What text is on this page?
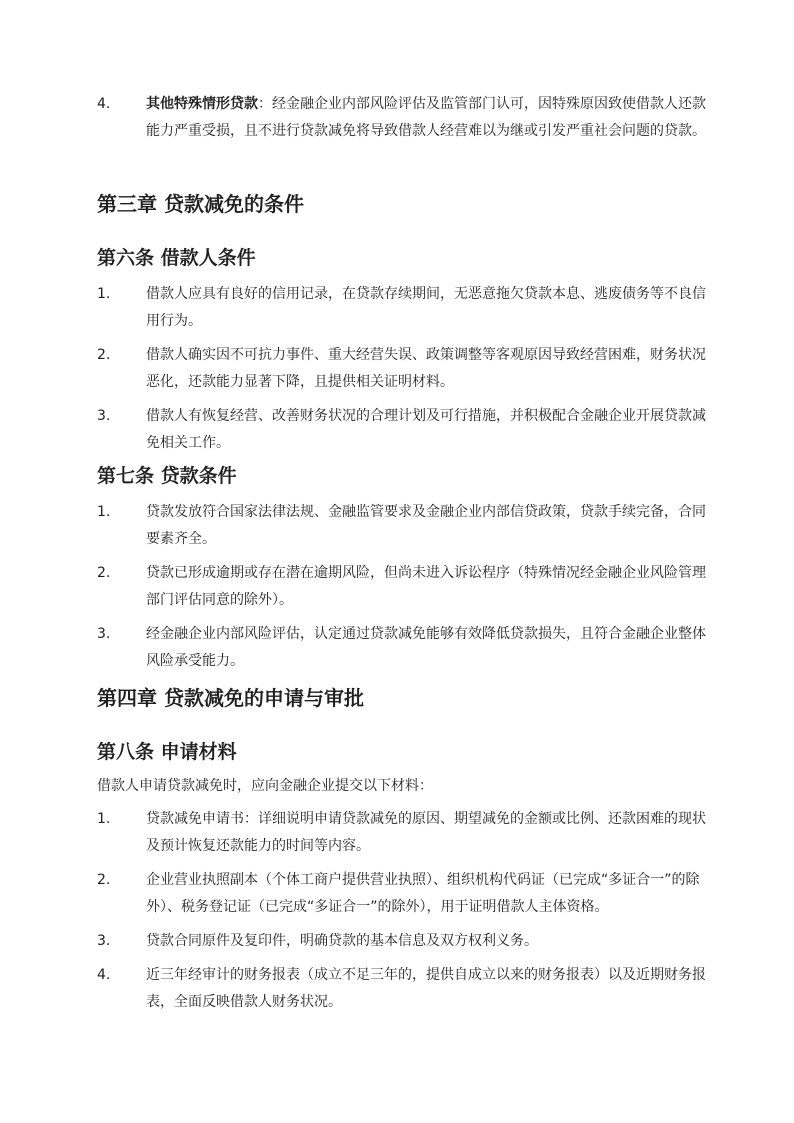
4.	其他特殊情形贷款：经金融企业内部风险评估及监管部门认可，因特殊原因致使借款人还款能力严重受损，且不进行贷款减免将导致借款人经营难以为继或引发严重社会问题的贷款。
第三章 贷款减免的条件
第六条 借款人条件
1.	借款人应具有良好的信用记录，在贷款存续期间，无恶意拖欠贷款本息、逃废债务等不良信用行为。
2.	借款人确实因不可抗力事件、重大经营失误、政策调整等客观原因导致经营困难，财务状况恶化，还款能力显著下降，且提供相关证明材料。
3.	借款人有恢复经营、改善财务状况的合理计划及可行措施，并积极配合金融企业开展贷款减免相关工作。
第七条 贷款条件
1.	贷款发放符合国家法律法规、金融监管要求及金融企业内部信贷政策，贷款手续完备，合同要素齐全。
2.	贷款已形成逾期或存在潜在逾期风险，但尚未进入诉讼程序（特殊情况经金融企业风险管理部门评估同意的除外）。
3.	经金融企业内部风险评估，认定通过贷款减免能够有效降低贷款损失，且符合金融企业整体风险承受能力。
第四章 贷款减免的申请与审批
第八条 申请材料

借款人申请贷款减免时，应向金融企业提交以下材料：

1.	贷款减免申请书：详细说明申请贷款减免的原因、期望减免的金额或比例、还款困难的现状及预计恢复还款能力的时间等内容。
2.	企业营业执照副本（个体工商户提供营业执照）、组织机构代码证（已完成“多证合一”的除外）、税务登记证（已完成“多证合一”的除外），用于证明借款人主体资格。
3.	贷款合同原件及复印件，明确贷款的基本信息及双方权利义务。
4.	近三年经审计的财务报表（成立不足三年的，提供自成立以来的财务报表）以及近期财务报表，全面反映借款人财务状况。
